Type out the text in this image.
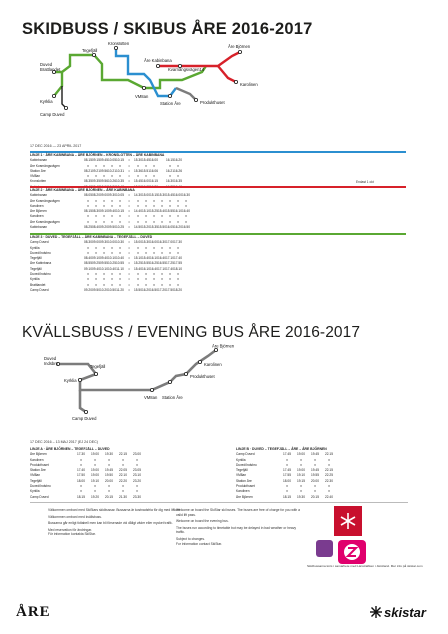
SKIDBUSS / SKIBUS ÅRE 2016-2017
Kronslotten
Tegefjäll
Åre Kabinbana
Kvarnängsvägen14
Åre Björnen
Karolinen
Duved
Brattlandet
Kyrklia
Camp Duved
VM8an
Station Åre	Produkthuset
17 DEC 2016 — 23 APRIL 2017
LINJE 1 · ÅRE KABINBANA – ÅRE BJÖRNEN – KRONSLOTTEN – ÅRE KABINBANA
Kabinbanan	08.15 09.15 09.45 10.05 10.15	•	15.30 15.45 16.00	16.15 16.20
Åre Kvarnängsvägen	x	x	x	x	x	•	x	x	x	x	x
Station Åre	08.21 09.21 09.56 10.21 10.31	•	15.36 15.51 16.06	16.21 16.26
VM8an	x	x	x	x	x	•	x	x	x	x	x
Kronslotten	08.35 09.35 09.56 10.26 10.35	•	15.45 16.00 16.15	16.30 16.35	Endast 1 okt
LINJE 2 · ÅRE KABINBANA – ÅRE BJÖRNEN – ÅRE KABINBANA
Kabinbanan	08.05 08.20 09.00 09.30 10.05	•	14.30 15.00 15.15 15.30 15.45 16.00 16.30
Åre Kvarnängsvägen	x	x	x	x	x	•	x	x	x	x	x	x	x
Karolinen	x	x	x	x	x	•	x	x	x	x	x	x	x
Åre Björnen	08.15 08.30 09.10 09.40 10.15	•	14.40 15.10 15.25 15.40 15.55 16.10 16.40
Karolinen	x	x	x	x	x	•	x	x	x	x	x	x	x
Åre Kvarnängsvägen	x	x	x	x	x	•	x	x	x	x	x	x	x
Kabinbanan	08.25 08.40 09.20 09.50 10.25	•	14.50 15.20 15.35 15.50 16.05 16.20 16.50
LINJE 3 · DUVED – TEGEFJÄLL – ÅRE KABINBANA – TEGEFJÄLL – DUVED
Camp Duved	08.30 09.00 09.30 10.00 10.30	•	15.00 15.30 16.00 16.30 17.00 17.30
Kyrklia	x	x	x	x	x	•	x	x	x	x	x	x
Duved/Indsbro	x	x	x	x	x	•	x	x	x	x	x	x
Tegefjäll	08.40 09.10 09.40 10.10 10.40	•	15.10 15.40 16.10 16.40 17.10 17.40
Åre Kabinbana	08.55 09.25 09.55 10.25 10.55	•	15.25 15.55 16.25 16.55 17.25 17.55
Tegefjäll	09.10 09.40 10.10 10.40 11.10	•	15.40 16.10 16.40 17.10 17.40 18.10
Duved/Indsbro	x	x	x	x	x	•	x	x	x	x	x	x
Kyrklia	x	x	x	x	x	•	x	x	x	x	x	x
Brattlandet	x	x	x	x	x	•	x	x	x	x	x	x
Camp Duved	09.20 09.50 10.20 10.50 11.20	•	15.50 16.20 16.50 17.20 17.50 18.20
KVÄLLSBUSS / EVENING BUS ÅRE 2016-2017
Duved
Indsbro
Tegefjäll
Kyrklia
Camp Duved
VM8an Station Åre
Produkthuset
Karolinen
Åre Björnen
17 DEC 2016 – 13 MAJ 2017 (EJ 24 DEC)
LINJE A · ÅRE BJÖRNEN – TEGEFJÄLL – DUVED
Åre Björnen	17.30	19.00	19.30	22.15	23.00
Karolinen	x	x	x	x	x
Produkthuset	x	x	x	x	x
Station Åre	17.40	19.00	19.45	22.05	23.05
VM8an	17.50	19.00	19.50	22.10	23.10
Tegefjäll	18.00	19.10	20.00	22.20	23.20
Duved/Indsbro	x	x	x	x	x
Kyrklia	x	x	x	x	x
Camp Duved	18.15	19.20	20.15	21.30	23.30
LINJE B · DUVED – TEGEFJÄLL – ÅRE – ÅRE BJÖRNEN
Camp Duved	17.45	19.00	19.45	22.15
Kyrklia	x	x	x	x
Duved/Indsbro	x	x	x	x
Tegefjäll	17.45	19.00	19.45	22.15
VM8an	17.55	19.10	19.55	22.25
Station Åre	18.00	19.15	20.00	22.30
Produkthuset	x	x	x	x
Karolinen	x	x	x	x
Åre Björnen	18.15	19.30	20.15	22.40
Välkommen ombord med SkiStars skidbussar. Bussarna är kostnadsfria för dig med liftkort.
Välkommen ombord med kvällsbuss.
Bussarna går enligt tidtabell men kan bli försenade vid dåligt väder eller mycket trafik.
Med reservation för ändringar.
För information kontakta SkiStar.
Welcome on board the SkiStar ski buses. The buses are free of charge for you with a valid lift pass.
Welcome on board the evening bus.
The buses run according to timetable but may be delayed in bad weather or heavy traffic.
Subject to changes.
For information contact SkiStar.
Skidbussarna körs i samarbete med Länstrafiken i Jämtland. Mer info på skistar.com
ÅRE	skistar
